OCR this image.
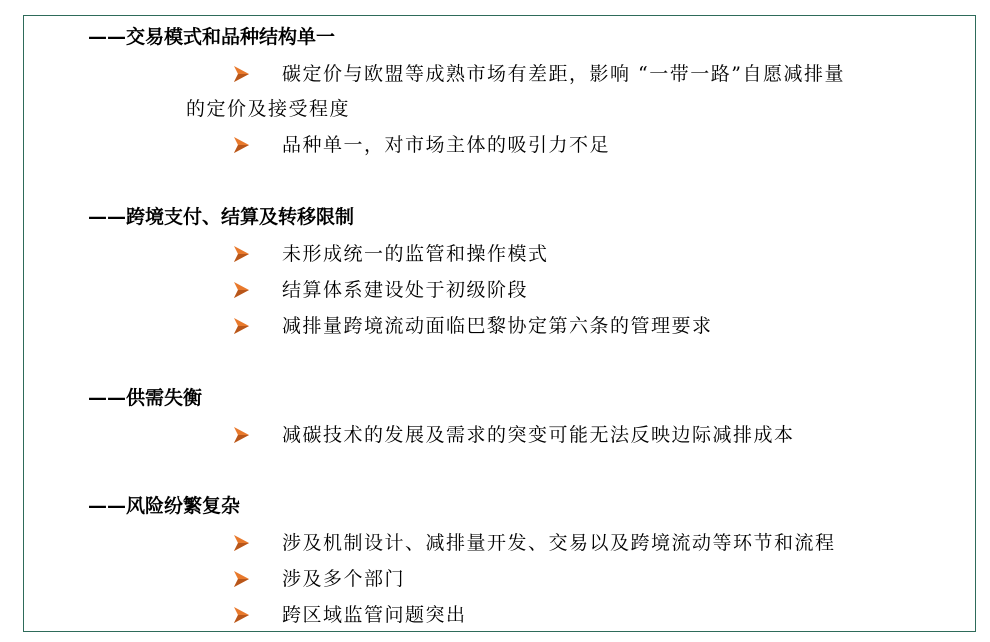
——交易模式和品种结构单一
碳定价与欧盟等成熟市场有差距，影响 “一带一路”自愿减排量
的定价及接受程度
品种单一，对市场主体的吸引力不足
——跨境支付、结算及转移限制
未形成统一的监管和操作模式
结算体系建设处于初级阶段
减排量跨境流动面临巴黎协定第六条的管理要求
——供需失衡
减碳技术的发展及需求的突变可能无法反映边际减排成本
——风险纷繁复杂
涉及机制设计、减排量开发、交易以及跨境流动等环节和流程
涉及多个部门
跨区域监管问题突出
